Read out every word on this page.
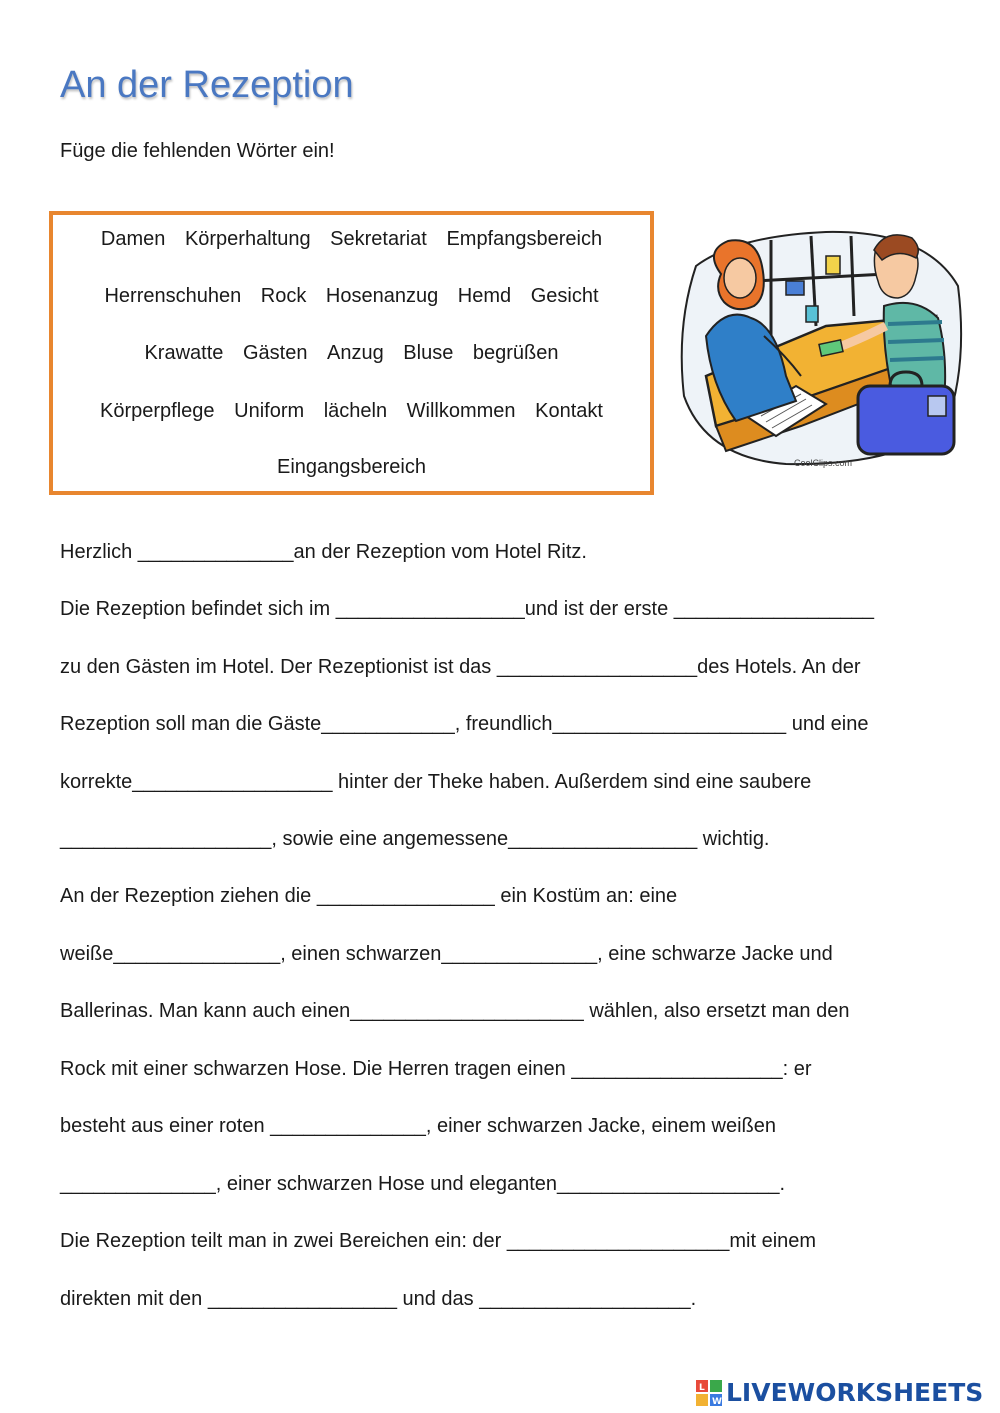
An der Rezeption
Füge die fehlenden Wörter ein!
Damen Körperhaltung Sekretariat Empfangsbereich
Herrenschuhen Rock Hosenanzug Hemd Gesicht
Krawatte Gästen Anzug Bluse begrüßen
Körperpflege Uniform lächeln Willkommen Kontakt
Eingangsbereich	CoolClips.com
Herzlich ______________an der Rezeption vom Hotel Ritz.
Die Rezeption befindet sich im _________________und ist der erste __________________
zu den Gästen im Hotel. Der Rezeptionist ist das __________________des Hotels. An der
Rezeption soll man die Gäste____________, freundlich_____________________ und eine
korrekte__________________ hinter der Theke haben. Außerdem sind eine saubere
___________________, sowie eine angemessene_________________ wichtig.
An der Rezeption ziehen die ________________ ein Kostüm an: eine
weiße_______________, einen schwarzen______________, eine schwarze Jacke und
Ballerinas. Man kann auch einen_____________________ wählen, also ersetzt man den
Rock mit einer schwarzen Hose. Die Herren tragen einen ___________________: er
besteht aus einer roten ______________, einer schwarzen Jacke, einem weißen
______________, einer schwarzen Hose und eleganten____________________.
Die Rezeption teilt man in zwei Bereichen ein: der ____________________mit einem
direkten mit den _________________ und das ___________________.
L
W LIVEWORKSHEETS
